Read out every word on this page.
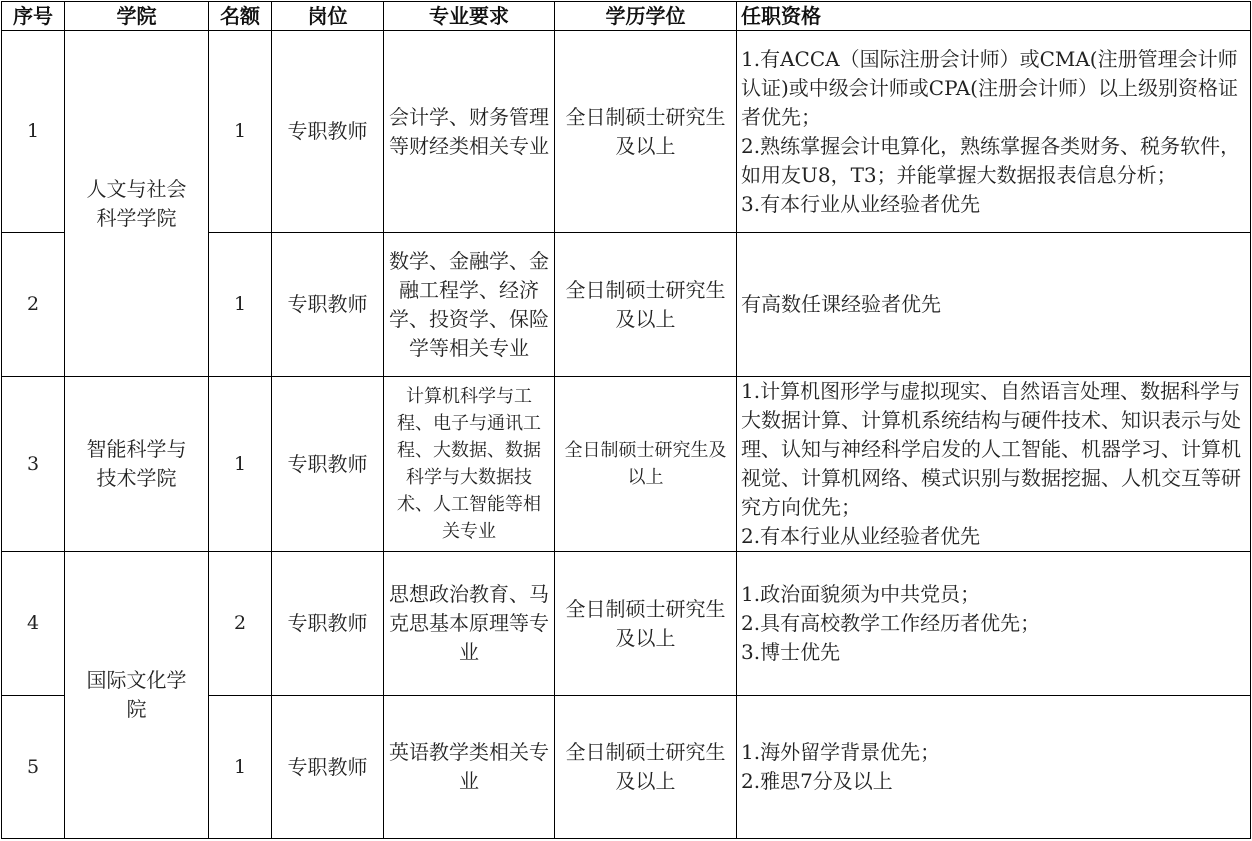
序号	学院	名额	岗位	专业要求	学历学位	任职资格
1	人文与社会科学学院	1	专职教师	会计学、财务管理等财经类相关专业	全日制硕士研究生及以上	1.有ACCA（国际注册会计师）或CMA(注册管理会计师认证)或中级会计师或CPA(注册会计师）以上级别资格证者优先；
2.熟练掌握会计电算化，熟练掌握各类财务、税务软件，如用友U8，T3；并能掌握大数据报表信息分析；
3.有本行业从业经验者优先

2		1	专职教师	数学、金融学、金融工程学、经济学、投资学、保险学等相关专业	全日制硕士研究生及以上	有高数任课经验者优先

3	智能科学与技术学院	1	专职教师	计算机科学与工程、电子与通讯工程、大数据、数据科学与大数据技术、人工智能等相关专业	全日制硕士研究生及以上	1.计算机图形学与虚拟现实、自然语言处理、数据科学与大数据计算、计算机系统结构与硬件技术、知识表示与处理、认知与神经科学启发的人工智能、机器学习、计算机视觉、计算机网络、模式识别与数据挖掘、人机交互等研究方向优先；
2.有本行业从业经验者优先

4	国际文化学院	2	专职教师	思想政治教育、马克思基本原理等专业	全日制硕士研究生及以上	1.政治面貌须为中共党员；
2.具有高校教学工作经历者优先；
3.博士优先

5		1	专职教师	英语教学类相关专业	全日制硕士研究生及以上	1.海外留学背景优先；
2.雅思7分及以上
